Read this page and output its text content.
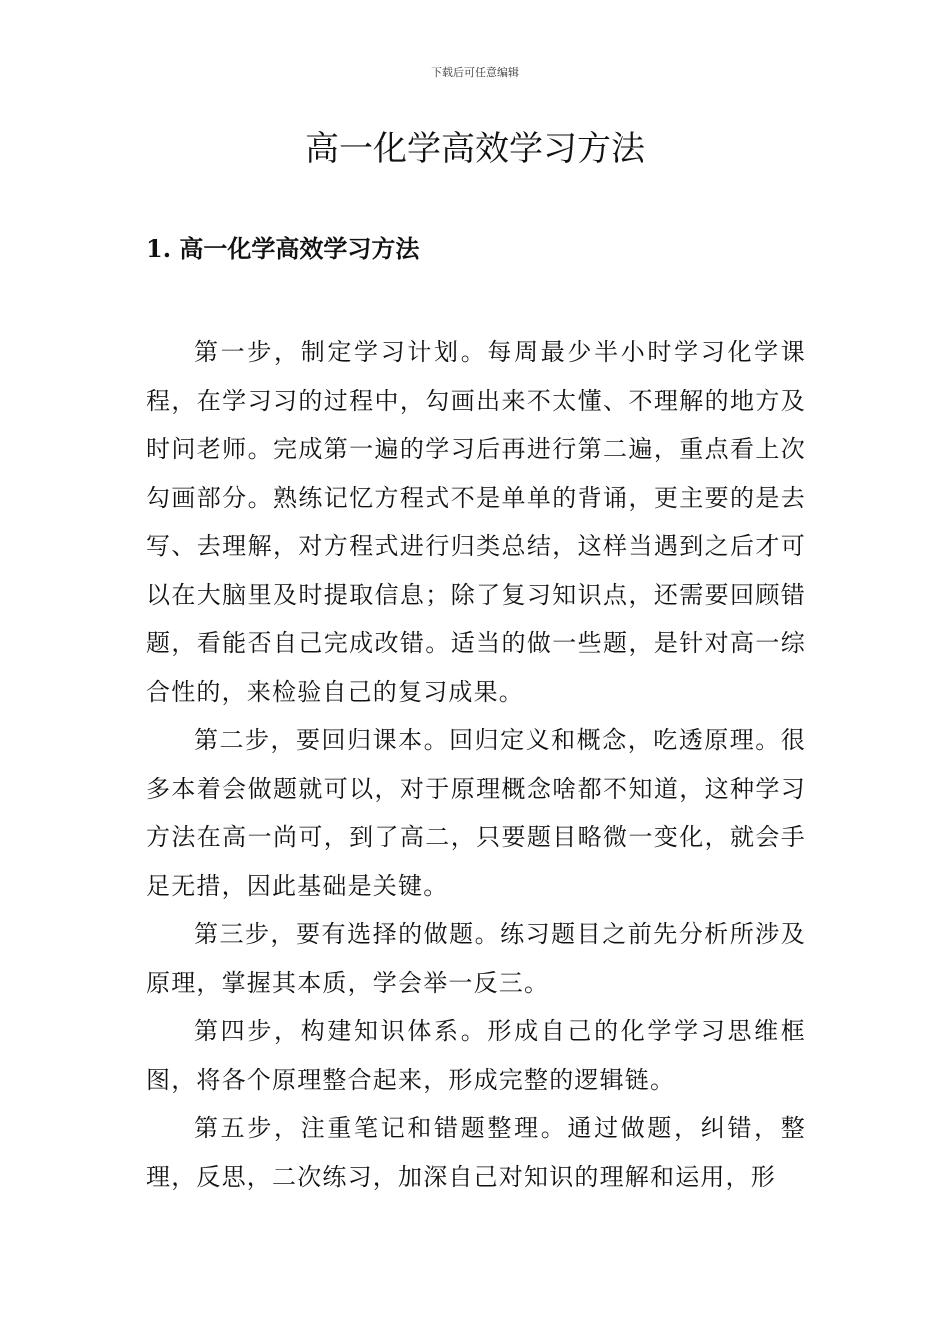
下载后可任意编辑
高一化学高效学习方法
1. 高一化学高效学习方法

第一步，制定学习计划。每周最少半小时学习化学课程，在学习习的过程中，勾画出来不太懂、不理解的地方及时问老师。完成第一遍的学习后再进行第二遍，重点看上次勾画部分。熟练记忆方程式不是单单的背诵，更主要的是去写、去理解，对方程式进行归类总结，这样当遇到之后才可以在大脑里及时提取信息；除了复习知识点，还需要回顾错题，看能否自己完成改错。适当的做一些题，是针对高一综合性的，来检验自己的复习成果。

第二步，要回归课本。回归定义和概念，吃透原理。很多本着会做题就可以，对于原理概念啥都不知道，这种学习方法在高一尚可，到了高二，只要题目略微一变化，就会手足无措，因此基础是关键。

第三步，要有选择的做题。练习题目之前先分析所涉及原理，掌握其本质，学会举一反三。

第四步，构建知识体系。形成自己的化学学习思维框图，将各个原理整合起来，形成完整的逻辑链。

第五步，注重笔记和错题整理。通过做题，纠错，整理，反思，二次练习，加深自己对知识的理解和运用，形
